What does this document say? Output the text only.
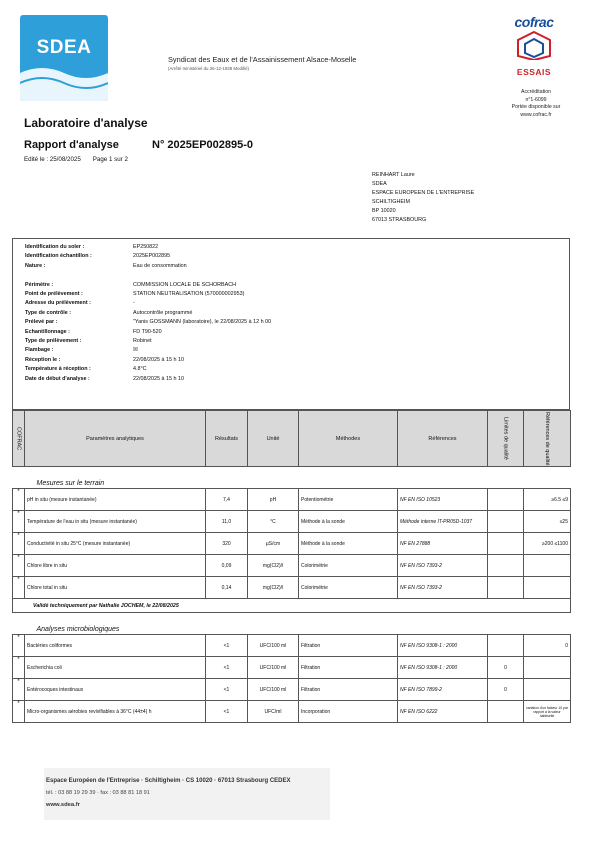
SDEA
Syndicat des Eaux et de l'Assainissement Alsace-Moselle
(Arrêté ministériel du 26-12-1938 Modifié)
cofrac
ESSAIS
Accréditation
n°1-6099
Portée disponible sur
www.cofrac.fr
Laboratoire d'analyse
Rapport d'analyse	N° 2025EP002895-0
Edité le : 25/08/2025       Page 1 sur 2
REINHART Laure
SDEA
ESPACE EUROPEEN DE L'ENTREPRISE
SCHILTIGHEIM
BP 10020
67013 STRASBOURG
Identification du soler :	EP250822
Identification échantillon :	2025EP002895
Nature :	Eau de consommation
Périmètre :	COMMISSION LOCALE DE SCHORBACH
Point de prélèvement :	STATION NEUTRALISATION (570000002953)
Adresse du prélèvement :	-
Type de contrôle :	Autocontrôle programmé
Prélevé par :	"Yanis GOSSMANN (laboratoire), le 22/08/2025 à 12 h 00
Echantillonnage :	FD T90-520
Type de prélèvement :	Robinet
Flambage :	☒
Réception le :	22/08/2025 à 15 h 10
Température à réception :	4.8°C
Date de début d'analyse :	22/08/2025 à 15 h 10
COFRAC	Paramètres analytiques	Résultats	Unité	Méthodes	Références	Limites de qualité	Références de qualité

Mesures sur le terrain							
*	pH in situ (mesure instantanée)	7,4	pH	Potentiométrie	NF EN ISO 10523		≥6.5 ≤9
*	Température de l'eau in situ (mesure instantanée)	11,0	°C	Méthode à la sonde	Méthode interne IT-PR05D-1037		≤25
*	Conductivité in situ 25°C (mesure instantanée)	320	µS/cm	Méthode à la sonde	NF EN 27888		≥200 ≤1100
*	Chlore libre in situ	0,09	mg(Cl2)/l	Colorimétrie	NF EN ISO 7393-2		
*	Chlore total in situ	0,14	mg(Cl2)/l	Colorimétrie	NF EN ISO 7393-2		
Validé techniquement par Nathalie JOCHEM, le 22/08/2025							
Analyses microbiologiques							
*	Bactéries coliformes	<1	UFC/100 ml	Filtration	NF EN ISO 9308-1 : 2000		0
*	Escherichia coli	<1	UFC/100 ml	Filtration	NF EN ISO 9308-1 : 2000	0	
*	Entérocoques intestinaux	<1	UFC/100 ml	Filtration	NF EN ISO 7899-2	0	
*	Micro-organismes aérobies revivifiables à 36°C (44±4) h	<1	UFC/ml	Incorporation	NF EN ISO 6222		variation d'un facteur 10 par rapport à la valeur habituelle
Espace Européen de l'Entreprise · Schiltigheim · CS 10020 · 67013 Strasbourg CEDEX
tél. : 03 88 19 29 39 · fax : 03 88 81 18 91
www.sdea.fr
